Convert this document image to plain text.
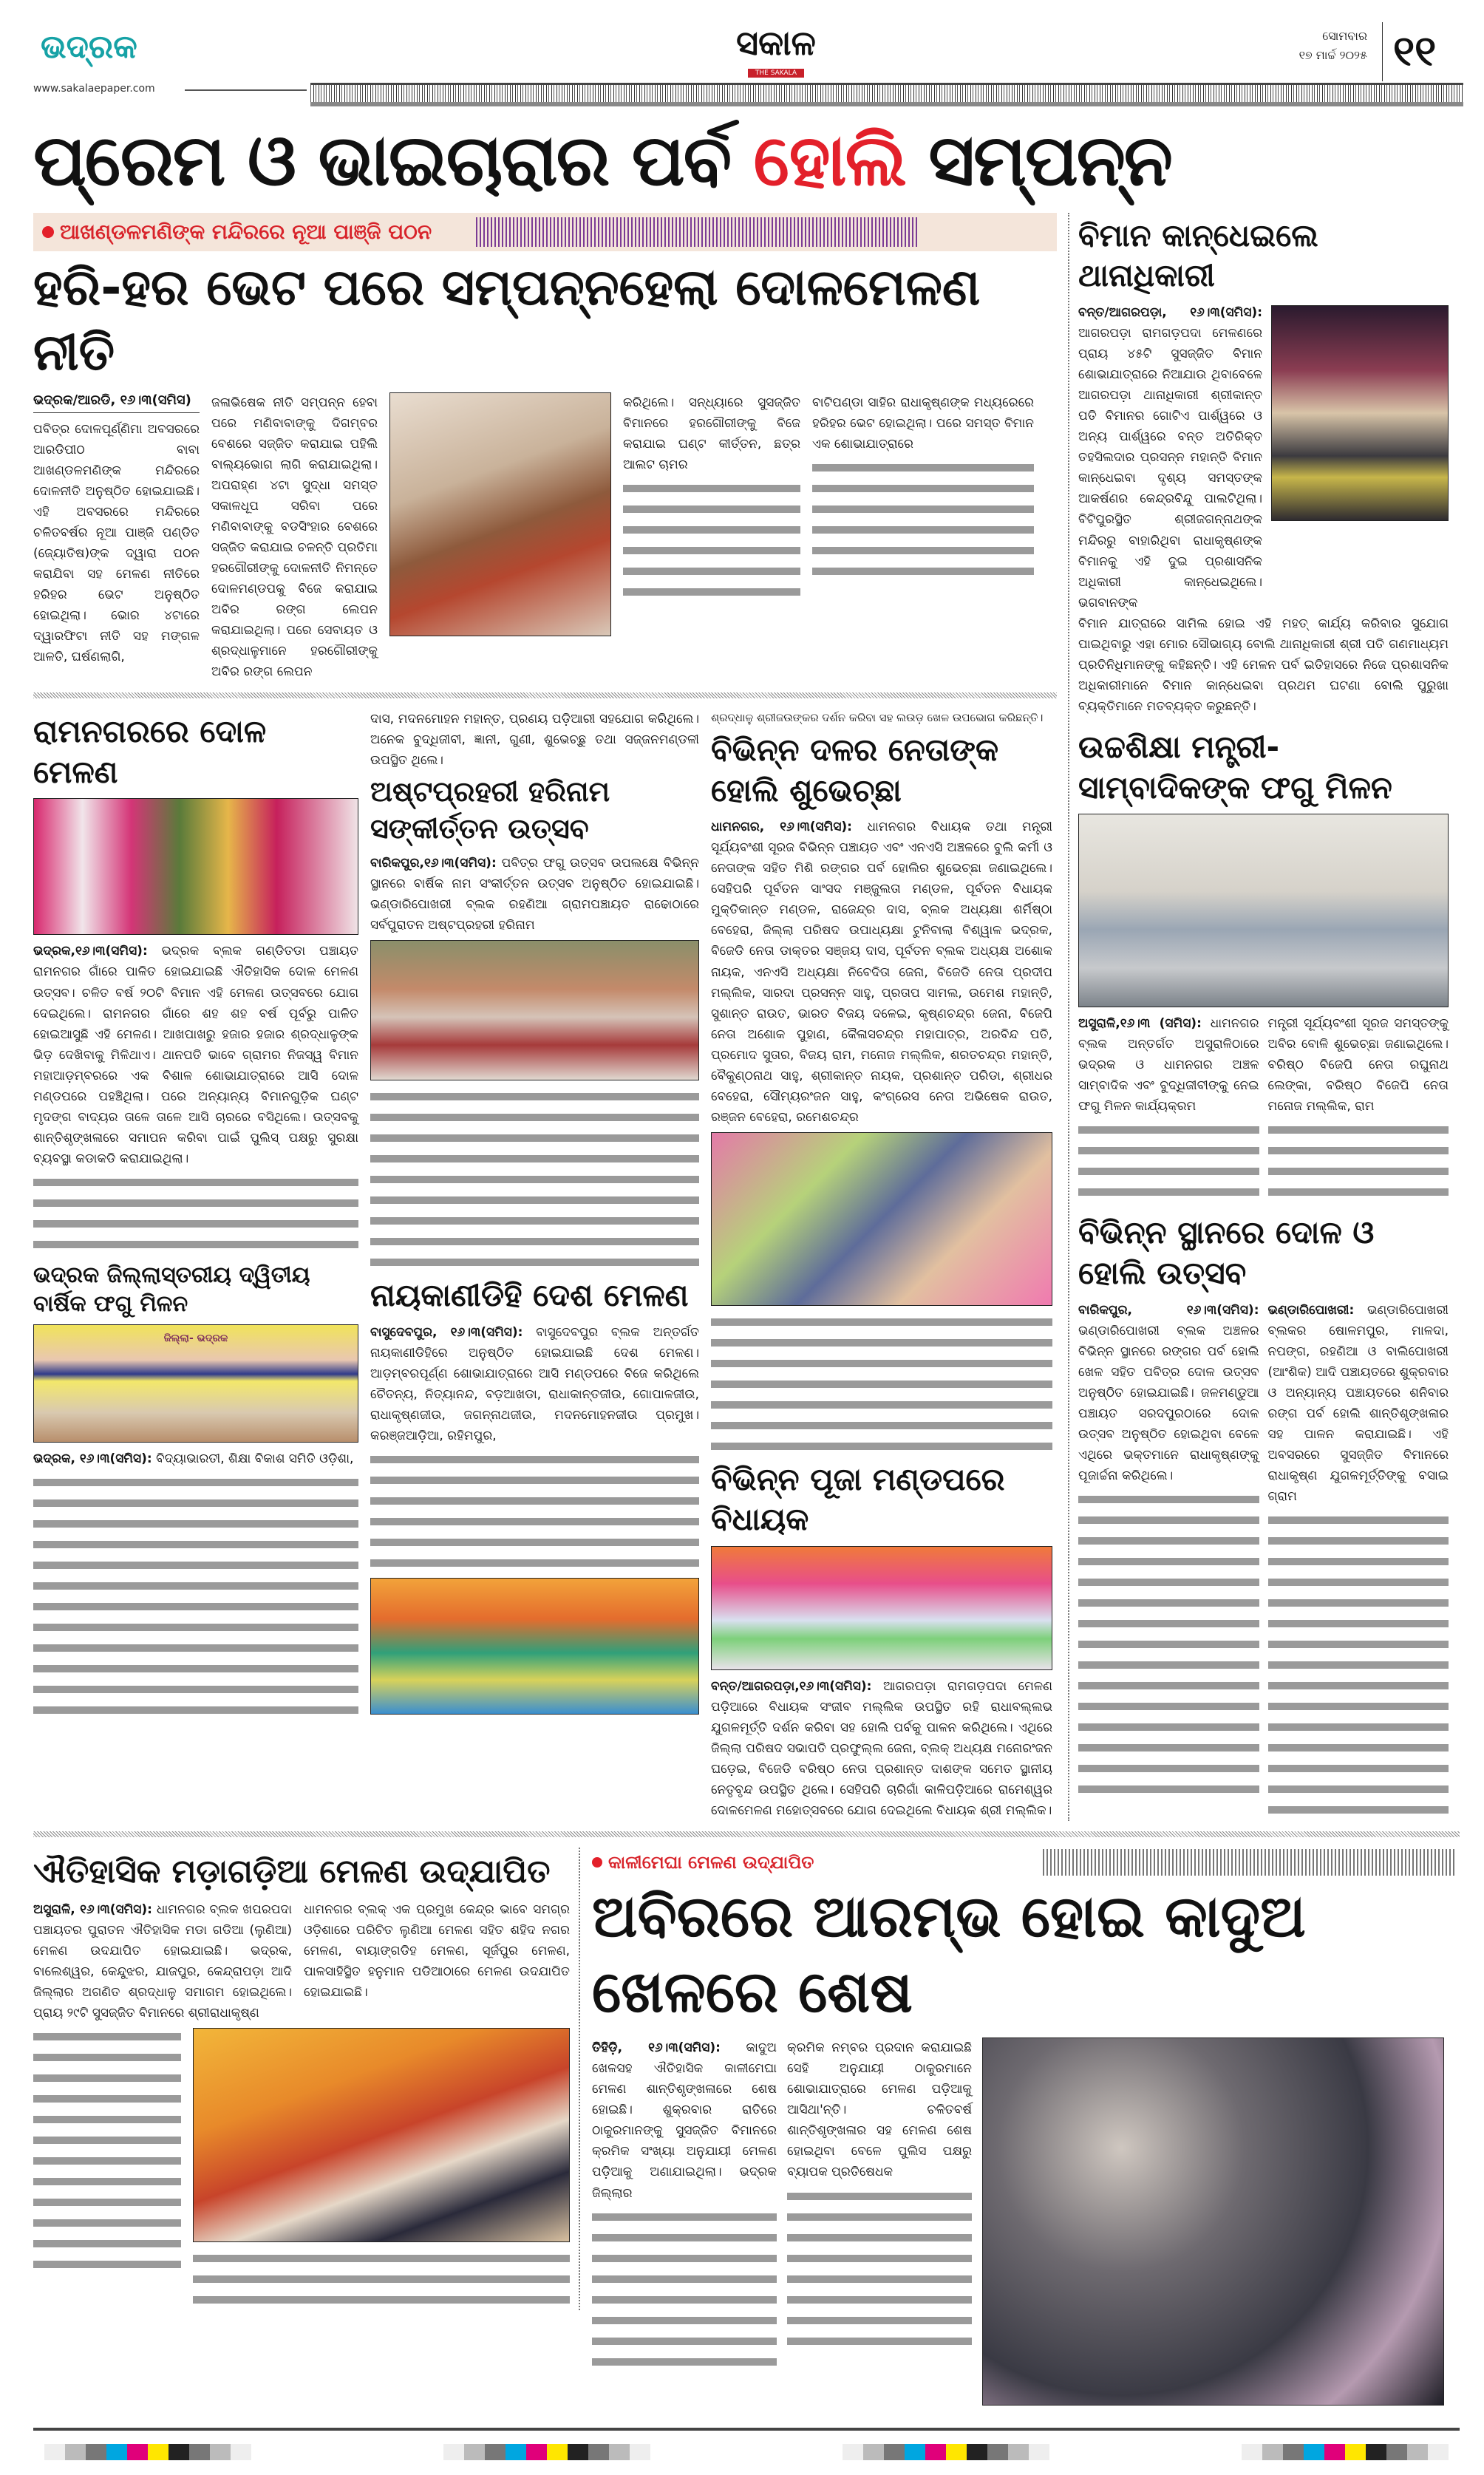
ଭଦ୍ରକ
www.sakalaepaper.com
ସକାଳ
THE SAKALA
ସୋମବାର
୧୭ ମାର୍ଚ୍ଚ ୨୦୨୫ ୧୧
ପ୍ରେମ ଓ ଭାଇଚାରାର ପର୍ବ ହୋଲି ସମ୍ପନ୍ନ
ଆଖଣ୍ଡଳମଣିଙ୍କ ମନ୍ଦିରରେ ନୂଆ ପାଞ୍ଜି ପଠନ
ହରି-ହର ଭେଟ ପରେ ସମ୍ପନ୍ନହେଲା ଦୋଳମେଳଣ ନୀତି
ଭଦ୍ରକ/ଆରଡି, ୧୬।୩(ସମିସ)
ପବିତ୍ର ଦୋଳପୂର୍ଣ୍ଣିମା ଅବସରରେ ଆରଡିପୀଠ ବାବା ଆଖଣ୍ଡଳମଣିଙ୍କ ମନ୍ଦିରରେ ଦୋଳନୀତି ଅନୁଷ୍ଠିତ ହୋଇଯାଇଛି। ଏହି ଅବସରରେ ମନ୍ଦିରରେ ଚଳିତବର୍ଷର ନୂଆ ପାଞ୍ଜି ପଣ୍ଡିତ (ଜ୍ୟୋତିଷ)ଙ୍କ ଦ୍ୱାରା ପଠନ କରାଯିବା ସହ ମେଳଣ ନୀତିରେ ହରିହର ଭେଟ ଅନୁଷ୍ଠିତ ହୋଇଥିଲା। ଭୋର ୪ଟାରେ ଦ୍ୱାରଫିଟା ନୀତି ସହ ମଙ୍ଗଳ ଆଳତି, ଘର୍ଷଣଲାଗି,
ଜଳାଭିଷେକ ନୀତି ସମ୍ପନ୍ନ ହେବା ପରେ ମଣିବାବାଙ୍କୁ ଦିଗମ୍ବର ବେଶରେ ସଜ୍ଜିତ କରାଯାଇ ପହିଲି ବାଲ୍ୟଭୋଗ ଲାଗି କରାଯାଇଥିଲା। ଅପରାହ୍ଣ ୪ଟା ସୁଦ୍ଧା ସମସ୍ତ ସକାଳଧୂପ ସରିବା ପରେ ମଣିବାବାଙ୍କୁ ବଡସିଂହାର ବେଶରେ ସଜ୍ଜିତ କରାଯାଇ ଚଳନ୍ତି ପ୍ରତିମା ହରଗୌରୀଙ୍କୁ ଦୋଳନୀତି ନିମନ୍ତେ ଦୋଳମଣ୍ଡପକୁ ବିଜେ କରାଯାଇ ଅବିର ରଙ୍ଗ ଲେପନ କରାଯାଇଥିଲା। ପରେ ସେବାୟତ ଓ ଶ୍ରଦ୍ଧାଳୁମାନେ ହରଗୌରୀଙ୍କୁ ଅବିର ରଙ୍ଗ ଲେପନ
କରିଥିଲେ। ସନ୍ଧ୍ୟାରେ ସୁସଜ୍ଜିତ ବିମାନରେ ହରଗୌରୀଙ୍କୁ ବିଜେ କରାଯାଇ ଘଣ୍ଟ କୀର୍ତ୍ତନ, ଛତ୍ର ଆଲଟ ଚାମର
ବାଟିପଣ୍ଡା ସାହିର ରାଧାକୃଷ୍ଣଙ୍କ ମଧ୍ୟରେରେ ହରିହର ଭେଟ ହୋଇଥିଲା। ପରେ ସମସ୍ତ ବିମାନ ଏକ ଶୋଭାଯାତ୍ରାରେ
ରାମନଗରରେ ଦୋଳ ମେଳଣ
ଭଦ୍ରକ,୧୬।୩(ସମିସ): ଭଦ୍ରକ ବ୍ଲକ ଗଣ୍ଡିତଡା ପଞ୍ଚାୟତ ରାମନଗର ଗାଁରେ ପାଳିତ ହୋଇଯାଇଛି ଐତିହାସିକ ଦୋଳ ମେଳଣ ଉତ୍ସବ। ଚଳିତ ବର୍ଷ ୨୦ଟି ବିମାନ ଏହି ମେଳଣ ଉତ୍ସବରେ ଯୋଗ ଦେଇଥିଲେ। ରାମନଗର ଗାଁରେ ଶହ ଶହ ବର୍ଷ ପୂର୍ବରୁ ପାଳିତ ହୋଇଆସୁଛି ଏହି ମେଳଣ। ଆଖପାଖରୁ ହଜାର ହଜାର ଶ୍ରଦ୍ଧାଳୁଙ୍କ ଭିଡ଼ ଦେଖିବାକୁ ମିଳିଥାଏ। ଥାନପତି ଭାବେ ଗ୍ରାମର ନିଜସ୍ୱ ବିମାନ ମହାଆଡ଼ମ୍ବରରେ ଏକ ବିଶାଳ ଶୋଭାଯାତ୍ରାରେ ଆସି ଦୋଳ ମଣ୍ଡପରେ ପହଞ୍ଚିଥିଲା। ପରେ ଅନ୍ୟାନ୍ୟ ବିମାନଗୁଡ଼ିକ ଘଣ୍ଟ ମୃଦଙ୍ଗ ବାଦ୍ୟର ତାଳେ ତାଳେ ଆସି ଚାରରେ ବସିଥିଲେ। ଉତ୍ସବକୁ ଶାନ୍ତିଶୃଙ୍ଖଳାରେ ସମାପନ କରିବା ପାଇଁ ପୁଲିସ୍ ପକ୍ଷରୁ ସୁରକ୍ଷା ବ୍ୟବସ୍ଥା କଡାକଡି କରାଯାଇଥିଲା।
ଭଦ୍ରକ ଜିଲ୍ଲାସ୍ତରୀୟ ଦ୍ୱିତୀୟ ବାର୍ଷିକ ଫଗୁ ମିଳନ
ଜିଲ୍ଲା- ଭଦ୍ରକ
ଭଦ୍ରକ, ୧୬।୩(ସମିସ): ବିଦ୍ୟାଭାରତୀ, ଶିକ୍ଷା ବିକାଶ ସମିତି ଓଡ଼ିଶା,
ଦାସ, ମଦନମୋହନ ମହାନ୍ତ, ପ୍ରଣୟ ପଡ଼ିଆରୀ ସହଯୋଗ କରିଥିଲେ। ଅନେକ ବୁଦ୍ଧିଜୀବୀ, ଜ୍ଞାନୀ, ଗୁଣୀ, ଶୁଭେଚ୍ଛୁ ତଥା ସଜ୍ଜନମଣ୍ଡଳୀ ଉପସ୍ଥିତ ଥିଲେ।
ଅଷ୍ଟପ୍ରହରୀ ହରିନାମ ସଙ୍କୀର୍ତ୍ତନ ଉତ୍ସବ
ବାରିକପୁର,୧୬।୩(ସମିସ): ପବିତ୍ର ଫଗୁ ଉତ୍ସବ ଉପଲକ୍ଷେ ବିଭିନ୍ନ ସ୍ଥାନରେ ବାର୍ଷିକ ନାମ ସଂକୀର୍ତ୍ତନ ଉତ୍ସବ ଅନୁଷ୍ଠିତ ହୋଇଯାଇଛି। ଭଣ୍ଡାରିପୋଖରୀ ବ୍ଲକ ରହଣିଆ ଗ୍ରାମପଞ୍ଚାୟତ ରାଢୋଠାରେ ସର୍ବପୁରାତନ ଅଷ୍ଟପ୍ରହରୀ ହରିନାମ
ନାୟକାଣୀଡିହି ଦେଶ ମେଳଣ
ବାସୁଦେବପୁର, ୧୬।୩(ସମିସ): ବାସୁଦେବପୁର ବ୍ଲକ ଅନ୍ତର୍ଗତ ନାୟକାଣୀଡିହିରେ ଅନୁଷ୍ଠିତ ହୋଇଯାଇଛି ଦେଶ ମେଳଣ। ଆଡ଼ମ୍ବରପୂର୍ଣ୍ଣ ଶୋଭାଯାତ୍ରାରେ ଆସି ମଣ୍ଡପରେ ବିଜେ କରିଥିଲେ ଚୈତନ୍ୟ, ନିତ୍ୟାନନ୍ଦ, ବଡ଼ଆଖଡା, ରାଧାକାନ୍ତଜୀଉ, ଗୋପାଳଜୀଉ, ରାଧାକୃଷ୍ଣଜୀଉ, ଜଗନ୍ନାଥଜୀଉ, ମଦନମୋହନଜୀଉ ପ୍ରମୁଖ। କରଞ୍ଜଆଡ଼ିଆ, ରହିମପୁର,
ଶ୍ରଦ୍ଧାଳୁ ଶ୍ରୀଜଉଙ୍କର ଦର୍ଶନ କରିବା ସହ ଲଉଡ଼ ଖେଳ ଉପଭୋଗ କରିଛନ୍ତି।
ବିଭିନ୍ନ ଦଳର ନେତାଙ୍କ ହୋଲି ଶୁଭେଚ୍ଛା
ଧାମନଗର, ୧୬।୩(ସମିସ): ଧାମନଗର ବିଧାୟକ ତଥା ମନ୍ତ୍ରୀ ସୂର୍ଯ୍ୟବଂଶୀ ସୂରଜ ବିଭିନ୍ନ ପଞ୍ଚାୟତ ଏବଂ ଏନଏସି ଅଞ୍ଚଳରେ ବୁଲି କର୍ମୀ ଓ ନେତାଙ୍କ ସହିତ ମିଶି ରଙ୍ଗର ପର୍ବ ହୋଲିର ଶୁଭେଚ୍ଛା ଜଣାଇଥିଲେ। ସେହିପରି ପୂର୍ବତନ ସାଂସଦ ମଞ୍ଜୁଲତା ମଣ୍ଡଳ, ପୂର୍ବତନ ବିଧାୟକ ମୁକ୍ତିକାନ୍ତ ମଣ୍ଡଳ, ରାଜେନ୍ଦ୍ର ଦାସ, ବ୍ଲକ ଅଧ୍ୟକ୍ଷା ଶର୍ମିଷ୍ଠା ବେହେରା, ଜିଲ୍ଲା ପରିଷଦ ଉପାଧ୍ୟକ୍ଷା ଟୁନିବାଲା ବିଶ୍ୱାଳ ଭଦ୍ରକ, ବିଜେଡି ନେତା ଡାକ୍ତର ସଞ୍ଜୟ ଦାସ, ପୂର୍ବତନ ବ୍ଲକ ଅଧ୍ୟକ୍ଷ ଅଶୋକ ନାୟକ, ଏନଏସି ଅଧ୍ୟକ୍ଷା ନିବେଦିତା ଜେନା, ବିଜେଡି ନେତା ପ୍ରଦୀପ ମଲ୍ଲିକ, ସାରଦା ପ୍ରସନ୍ନ ସାହୁ, ପ୍ରତାପ ସାମଲ, ଉମେଶ ମହାନ୍ତି, ସୁଶାନ୍ତ ରାଉତ, ଭାରତ ବିଜୟ ଦଳେଇ, କୃଷ୍ଣଚନ୍ଦ୍ର ଜେନା, ବିଜେପି ନେତା ଅଶୋକ ପୁହାଣ, କୈଳାସଚନ୍ଦ୍ର ମହାପାତ୍ର, ଅରବିନ୍ଦ ପତି, ପ୍ରମୋଦ ସୁତାର, ବିଜୟ ରାମ, ମନୋଜ ମଲ୍ଲିକ, ଶରତଚନ୍ଦ୍ର ମହାନ୍ତି, ବୈକୁଣ୍ଠନାଥ ସାହୁ, ଶ୍ରୀକାନ୍ତ ନାୟକ, ପ୍ରଶାନ୍ତ ପରିଡା, ଶ୍ରୀଧର ବେହେରା, ସୌମ୍ୟରଂଜନ ସାହୁ, କଂଗ୍ରେସ ନେତା ଅଭିଷେକ ରାଉତ, ରଞ୍ଜନ ବେହେରା, ରମେଶଚନ୍ଦ୍ର
ବିଭିନ୍ନ ପୂଜା ମଣ୍ଡପରେ ବିଧାୟକ
ବନ୍ତ/ଆଗରପଡ଼ା,୧୬।୩(ସମିସ): ଆଗରପଡ଼ା ରାମଗଡ଼ପଦା ମେଳଣ ପଡ଼ିଆରେ ବିଧାୟକ ସଂଜୀବ ମଲ୍ଲିକ ଉପସ୍ଥିତ ରହି ରାଧାବଲ୍ଲଭ ଯୁଗଳମୂର୍ତ୍ତି ଦର୍ଶନ କରିବା ସହ ହୋଲି ପର୍ବକୁ ପାଳନ କରିଥିଲେ। ଏଥିରେ ଜିଲ୍ଲା ପରିଷଦ ସଭାପତି ପ୍ରଫୁଲ୍ଲ ଜେନା, ବ୍ଲକ୍ ଅଧ୍ୟକ୍ଷ ମନୋରଂଜନ ଘଡ଼େଇ, ବିଜେଡି ବରିଷ୍ଠ ନେତା ପ୍ରଶାନ୍ତ ଦାଶଙ୍କ ସମେତ ସ୍ଥାନୀୟ ନେତୃବୃନ୍ଦ ଉପସ୍ଥିତ ଥିଲେ। ସେହିପରି ଚାରିଗାଁ କାଳିପଡ଼ିଆରେ ରାମେଶ୍ୱର ଦୋଳମେଳଣ ମହୋତ୍ସବରେ ଯୋଗ ଦେଇଥିଲେ ବିଧାୟକ ଶ୍ରୀ ମଲ୍ଲିକ।
ବିମାନ କାନ୍ଧେଇଲେ ଥାନାଧିକାରୀ
ବନ୍ତ/ଆଗରପଡ଼ା, ୧୬।୩(ସମିସ): ଆଗରପଡ଼ା ରାମଗଡ଼ପଦା ମେଳଣରେ ପ୍ରାୟ ୪୫ଟି ସୁସଜ୍ଜିତ ବିମାନ ଶୋଭାଯାତ୍ରାରେ ନିଆଯାଉ ଥିବାବେଳେ ଆଗରପଡ଼ା ଥାନାଧିକାରୀ ଶ୍ରୀକାନ୍ତ ପତି ବିମାନର ଗୋଟିଏ ପାର୍ଶ୍ୱରେ ଓ ଅନ୍ୟ ପାର୍ଶ୍ୱରେ ବନ୍ତ ଅତିରିକ୍ତ ତହସିଲଦାର ପ୍ରସନ୍ନ ମହାନ୍ତି ବିମାନ କାନ୍ଧେଇବା ଦୃଶ୍ୟ ସମସ୍ତଙ୍କ ଆକର୍ଷଣର କେନ୍ଦ୍ରବିନ୍ଦୁ ପାଲଟିଥିଲା। ବିଟିପୁରସ୍ଥିତ ଶ୍ରୀଜଗନ୍ନାଥଙ୍କ ମନ୍ଦିରରୁ ବାହାରିଥିବା ରାଧାକୃଷ୍ଣଙ୍କ ବିମାନକୁ ଏହି ଦୁଇ ପ୍ରଶାସନିକ ଅଧିକାରୀ କାନ୍ଧେଇଥିଲେ। ଭଗବାନଙ୍କ
ବିମାନ ଯାତ୍ରାରେ ସାମିଲ ହୋଇ ଏହି ମହତ୍ କାର୍ଯ୍ୟ କରିବାର ସୁଯୋଗ ପାଇଥିବାରୁ ଏହା ମୋର ସୌଭାଗ୍ୟ ବୋଲି ଥାନାଧିକାରୀ ଶ୍ରୀ ପତି ଗଣମାଧ୍ୟମ ପ୍ରତିନିଧିମାନଙ୍କୁ କହିଛନ୍ତି। ଏହି ମେଳନ ପର୍ବ ଇତିହାସରେ ନିଜେ ପ୍ରଶାସନିକ ଅଧିକାରୀମାନେ ବିମାନ କାନ୍ଧେଇବା ପ୍ରଥମ ଘଟଣା ବୋଲି ପୁରୁଖା ବ୍ୟକ୍ତିମାନେ ମତବ୍ୟକ୍ତ କରୁଛନ୍ତି।
ଉଚ୍ଚଶିକ୍ଷା ମନ୍ତ୍ରୀ-ସାମ୍ବାଦିକଙ୍କ ଫଗୁ ମିଳନ
ଅସୁରାଳି,୧୬।୩ (ସମିସ): ଧାମନଗର ବ୍ଲକ ଅନ୍ତର୍ଗତ ଅସୁରାଳିଠାରେ ଭଦ୍ରକ ଓ ଧାମନଗର ଅଞ୍ଚଳ ସାମ୍ବାଦିକ ଏବଂ ବୁଦ୍ଧିଜୀବୀଙ୍କୁ ନେଇ ଫଗୁ ମିଳନ କାର୍ଯ୍ୟକ୍ରମ
ମନ୍ତ୍ରୀ ସୂର୍ଯ୍ୟବଂଶୀ ସୂରଜ ସମସ୍ତଙ୍କୁ ଅବିର ବୋଳି ଶୁଭେଚ୍ଛା ଜଣାଇଥିଲେ। ବରିଷ୍ଠ ବିଜେପି ନେତା ରଘୁନାଥ ଲେଙ୍କା, ବରିଷ୍ଠ ବିଜେପି ନେତା ମନୋଜ ମଲ୍ଲିକ, ରାମ
ବିଭିନ୍ନ ସ୍ଥାନରେ ଦୋଳ ଓ ହୋଲି ଉତ୍ସବ
ବାରିକପୁର, ୧୬।୩(ସମିସ): ଭଣ୍ଡାରିପୋଖରୀ ବ୍ଲକ ଅଞ୍ଚଳର ବିଭିନ୍ନ ସ୍ଥାନରେ ରଙ୍ଗର ପର୍ବ ହୋଲି ଖେଳ ସହିତ ପବିତ୍ର ଦୋଳ ଉତ୍ସବ ଅନୁଷ୍ଠିତ ହୋଇଯାଇଛି। ଜଳମଣ୍ଡୁଆ ପଞ୍ଚାୟତ ସରଦପୁରଠାରେ ଦୋଳ ଉତ୍ସବ ଅନୁଷ୍ଠିତ ହୋଇଥିବା ବେଳେ ଏଥିରେ ଭକ୍ତମାନେ ରାଧାକୃଷ୍ଣଙ୍କୁ ପୂଜାର୍ଚ୍ଚନା କରିଥିଲେ।
ଭଣ୍ଡାରିପୋଖରୀ: ଭଣ୍ଡାରିପୋଖରୀ ବ୍ଲକର ଷୋଳମପୁର, ମାଳଦା, ନପଙ୍ଗ, ରହଣିଆ ଓ ବାଲିପୋଖରୀ (ଆଂଶିକ) ଆଦି ପଞ୍ଚାୟତରେ ଶୁକ୍ରବାର ଓ ଅନ୍ୟାନ୍ୟ ପଞ୍ଚାୟତରେ ଶନିବାର ରଙ୍ଗ ପର୍ବ ହୋଲି ଶାନ୍ତିଶୃଙ୍ଖଳାର ସହ ପାଳନ କରାଯାଇଛି। ଏହି ଅବସରରେ ସୁସଜ୍ଜିତ ବିମାନରେ ରାଧାକୃଷ୍ଣ ଯୁଗଳମୂର୍ତ୍ତିଙ୍କୁ ବସାଇ ଗ୍ରାମ
ଐତିହାସିକ ମଡ଼ାଗଡ଼ିଆ ମେଳଣ ଉଦ୍‌ଯାପିତ
ଅସୁରାଳି, ୧୬।୩(ସମିସ): ଧାମନଗର ବ୍ଲକ ଖପରପଦା ପଞ୍ଚାୟତର ପୁରାତନ ଐତିହାସିକ ମଡା ଗଡିଆ (ଲୁଣିଆ) ମେଳଣ ଉଦଯାପିତ ହୋଇଯାଇଛି। ଭଦ୍ରକ, ବାଲେଶ୍ୱର, କେନ୍ଦୁଝର, ଯାଜପୁର, କେନ୍ଦ୍ରାପଡ଼ା ଆଦି ଜିଲ୍ଲାର ଅଗଣିତ ଶ୍ରଦ୍ଧାଳୁ ସମାଗମ ହୋଇଥିଲେ। ପ୍ରାୟ ୨୯ଟି ସୁସଜ୍ଜିତ ବିମାନରେ ଶ୍ରୀରାଧାକୃଷ୍ଣ
ଧାମନଗର ବ୍ଲକ୍ ଏକ ପ୍ରମୁଖ କେନ୍ଦ୍ର ଭାବେ ସମଗ୍ର ଓଡ଼ିଶାରେ ପରିଚିତ ଲୁଣିଆ ମେଳଣ ସହିତ ଶହିଦ ନଗର ମେଳଣ, ବାୟାଙ୍ଗଡିହ ମେଳଣ, ସୂର୍ଜପୁର ମେଳଣ, ପାଳସାହିସ୍ଥିତ ହନୁମାନ ପଡିଆଠାରେ ମେଳଣ ଉଦଯାପିତ ହୋଇଯାଇଛି।
କାଳୀମେଘା ମେଳଣ ଉଦ୍‌ଯାପିତ
ଅବିରରେ ଆରମ୍ଭ ହୋଇ କାଦୁଅ ଖେଳରେ ଶେଷ
ତିହିଡ଼ି, ୧୬।୩(ସମିସ): କାଦୁଅ ଖେଳସହ ଐତିହାସିକ କାଳୀମେଘା ମେଳଣ ଶାନ୍ତିଶୃଙ୍ଖଳାରେ ଶେଷ ହୋଇଛି। ଶୁକ୍ରବାର ରାତିରେ ଠାକୁରମାନଙ୍କୁ ସୁସଜ୍ଜିତ ବିମାନରେ କ୍ରମିକ ସଂଖ୍ୟା ଅନୁଯାୟୀ ମେଳଣ ପଡ଼ିଆକୁ ଅଣାଯାଇଥିଲା। ଭଦ୍ରକ ଜିଲ୍ଲାର
କ୍ରମିକ ନମ୍ବର ପ୍ରଦାନ କରାଯାଇଛି ସେହି ଅନୁଯାୟୀ ଠାକୁରମାନେ ଶୋଭାଯାତ୍ରାରେ ମେଳଣ ପଡ଼ିଆକୁ ଆସିଥା'ନ୍ତି। ଚଳିତବର୍ଷ ଶାନ୍ତିଶୃଙ୍ଖଳାର ସହ ମେଳଣ ଶେଷ ହୋଇଥିବା ବେଳେ ପୁଲିସ ପକ୍ଷରୁ ବ୍ୟାପକ ପ୍ରତିଷେଧକ
